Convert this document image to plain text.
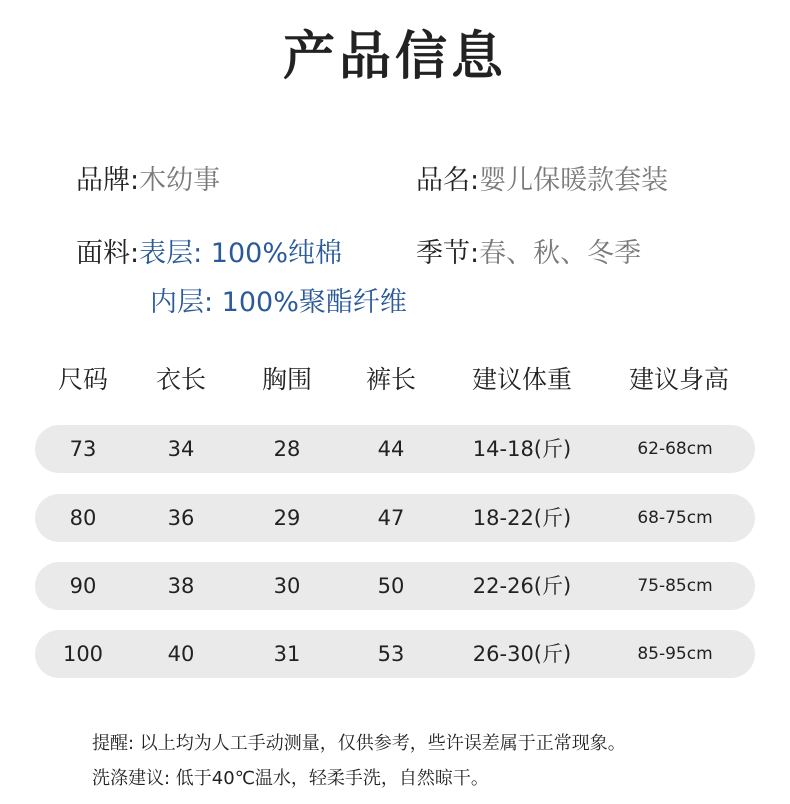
产品信息
品牌:木幼事	品名:婴儿保暖款套装
面料:表层: 100%纯棉
内层: 100%聚酯纤维
季节:春、秋、冬季
尺码 衣长 胸围 裤长 建议体重 建议身高
73	34	28	44	14-18(斤)	62-68cm
80	36	29	47	18-22(斤)	68-75cm
90	38	30	50	22-26(斤)	75-85cm
100	40	31	53	26-30(斤)	85-95cm
提醒: 以上均为人工手动测量，仅供参考，些许误差属于正常现象。
洗涤建议: 低于40℃温水，轻柔手洗，自然晾干。
